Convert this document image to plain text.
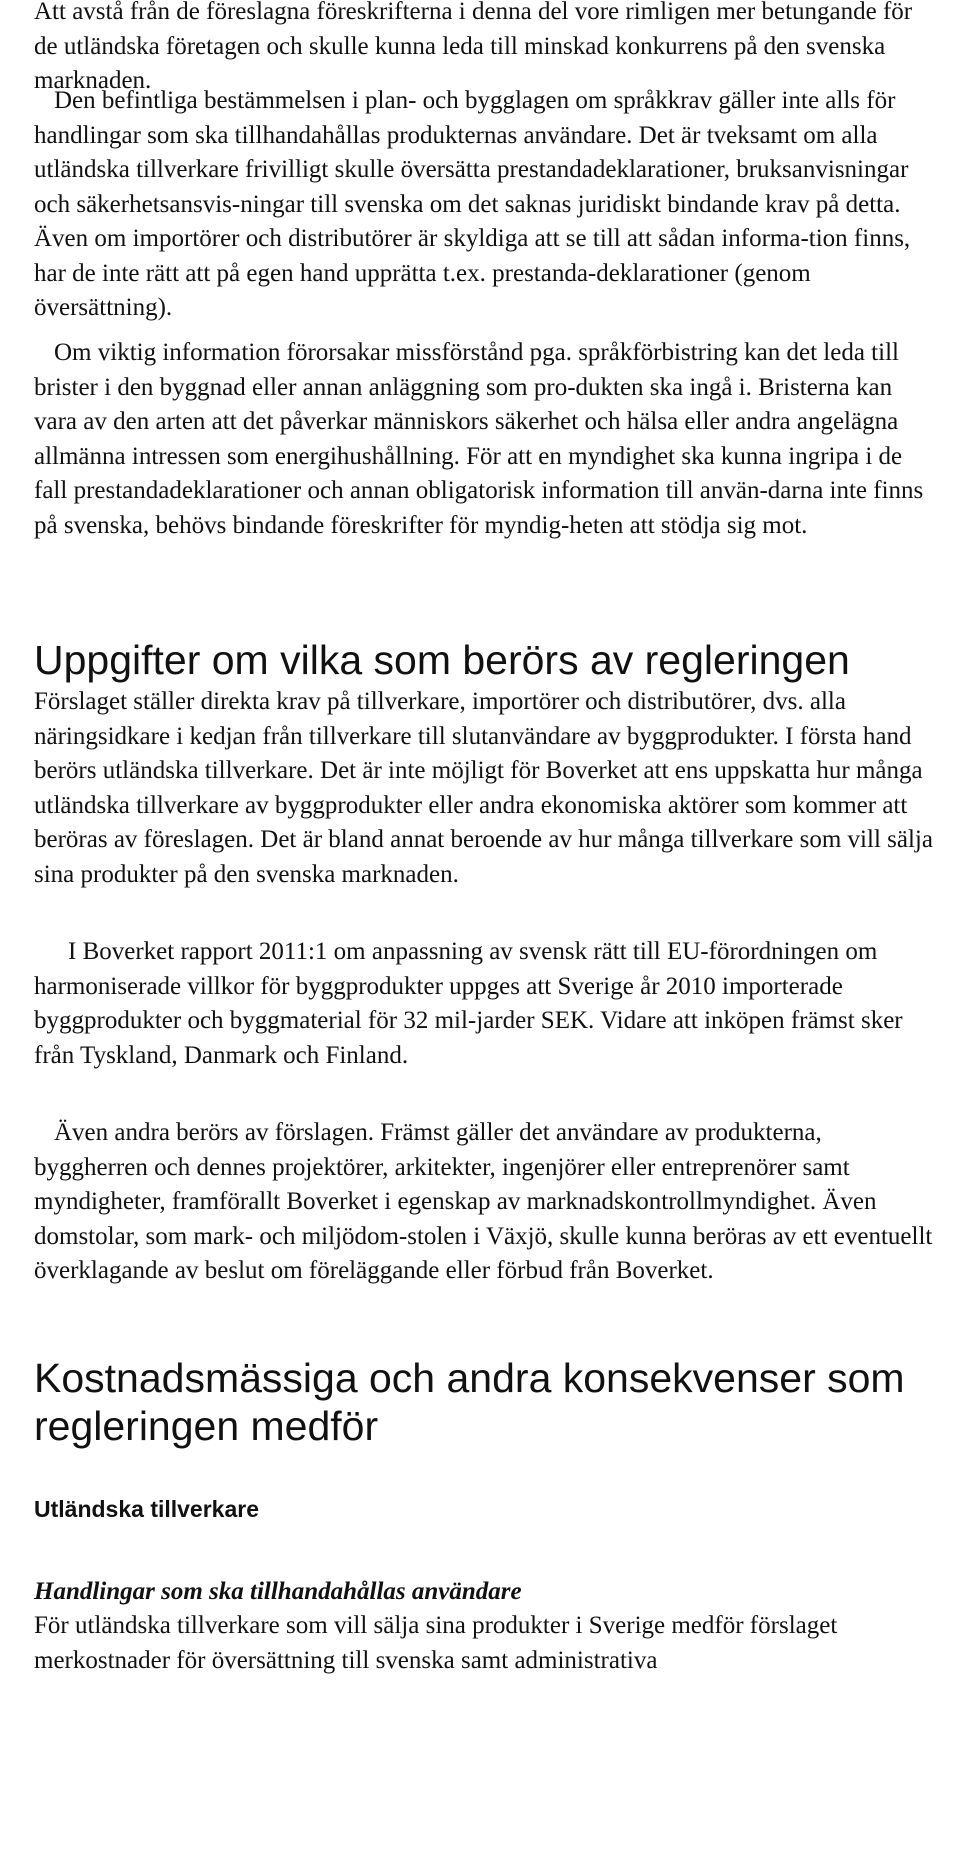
Att avstå från de föreslagna föreskrifterna i denna del vore rimligen mer betungande för de utländska företagen och skulle kunna leda till minskad konkurrens på den svenska marknaden.

Den befintliga bestämmelsen i plan- och bygglagen om språkkrav gäller inte alls för handlingar som ska tillhandahållas produkternas användare. Det är tveksamt om alla utländska tillverkare frivilligt skulle översätta prestandadeklarationer, bruksanvisningar och säkerhetsansvis-ningar till svenska om det saknas juridiskt bindande krav på detta. Även om importörer och distributörer är skyldiga att se till att sådan informa-tion finns, har de inte rätt att på egen hand upprätta t.ex. prestanda-deklarationer (genom översättning).

Om viktig information förorsakar missförstånd pga. språkförbistring kan det leda till brister i den byggnad eller annan anläggning som pro-dukten ska ingå i. Bristerna kan vara av den arten att det påverkar människors säkerhet och hälsa eller andra angelägna allmänna intressen som energihushållning. För att en myndighet ska kunna ingripa i de fall prestandadeklarationer och annan obligatorisk information till använ-darna inte finns på svenska, behövs bindande föreskrifter för myndig-heten att stödja sig mot.

Uppgifter om vilka som berörs av regleringen

Förslaget ställer direkta krav på tillverkare, importörer och distributörer, dvs. alla näringsidkare i kedjan från tillverkare till slutanvändare av byggprodukter. I första hand berörs utländska tillverkare. Det är inte möjligt för Boverket att ens uppskatta hur många utländska tillverkare av byggprodukter eller andra ekonomiska aktörer som kommer att beröras av föreslagen. Det är bland annat beroende av hur många tillverkare som vill sälja sina produkter på den svenska marknaden.

I Boverket rapport 2011:1 om anpassning av svensk rätt till EU-förordningen om harmoniserade villkor för byggprodukter uppges att Sverige år 2010 importerade byggprodukter och byggmaterial för 32 mil-jarder SEK. Vidare att inköpen främst sker från Tyskland, Danmark och Finland.

Även andra berörs av förslagen. Främst gäller det användare av produkterna, byggherren och dennes projektörer, arkitekter, ingenjörer eller entreprenörer samt myndigheter, framförallt Boverket i egenskap av marknadskontrollmyndighet. Även domstolar, som mark- och miljödom-stolen i Växjö, skulle kunna beröras av ett eventuellt överklagande av beslut om föreläggande eller förbud från Boverket.

Kostnadsmässiga och andra konsekvenser som regleringen medför
Utländska tillverkare
Handlingar som ska tillhandahållas användare

För utländska tillverkare som vill sälja sina produkter i Sverige medför förslaget merkostnader för översättning till svenska samt administrativa
